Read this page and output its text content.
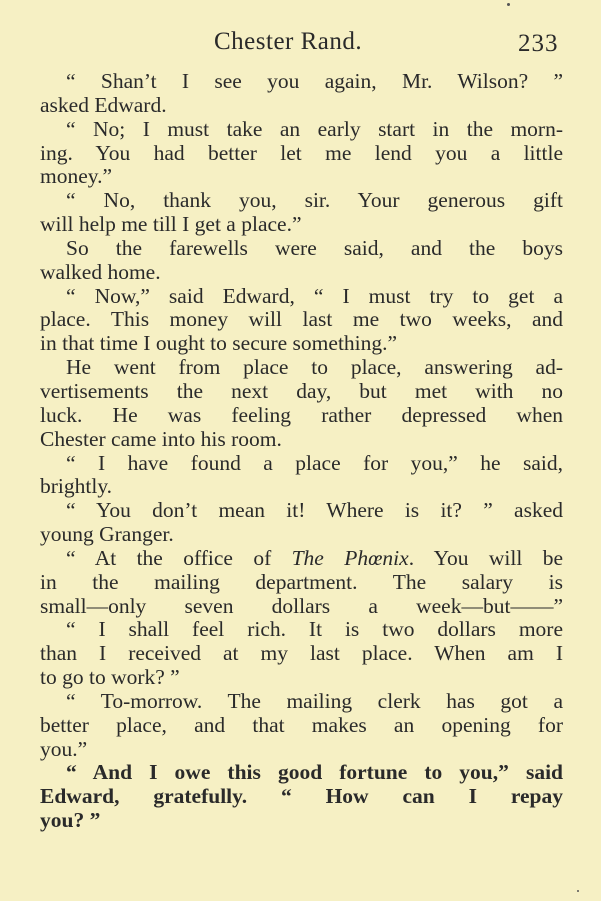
Chester Rand.	233
“ Shan’t I see you again, Mr. Wilson? ”
asked Edward.
“ No; I must take an early start in the morn-
ing. You had better let me lend you a little
money.”
“ No, thank you, sir. Your generous gift
will help me till I get a place.”
So the farewells were said, and the boys
walked home.
“ Now,” said Edward, “ I must try to get a
place. This money will last me two weeks, and
in that time I ought to secure something.”
He went from place to place, answering ad-
vertisements the next day, but met with no
luck. He was feeling rather depressed when
Chester came into his room.
“ I have found a place for you,” he said,
brightly.
“ You don’t mean it! Where is it? ” asked
young Granger.
“ At the office of The Phœnix. You will be
in the mailing department. The salary is
small—only seven dollars a week—but——”
“ I shall feel rich. It is two dollars more
than I received at my last place. When am I
to go to work? ”
“ To-morrow. The mailing clerk has got a
better place, and that makes an opening for
you.”
“ And I owe this good fortune to you,” said
Edward, gratefully. “ How can I repay
you? ”
